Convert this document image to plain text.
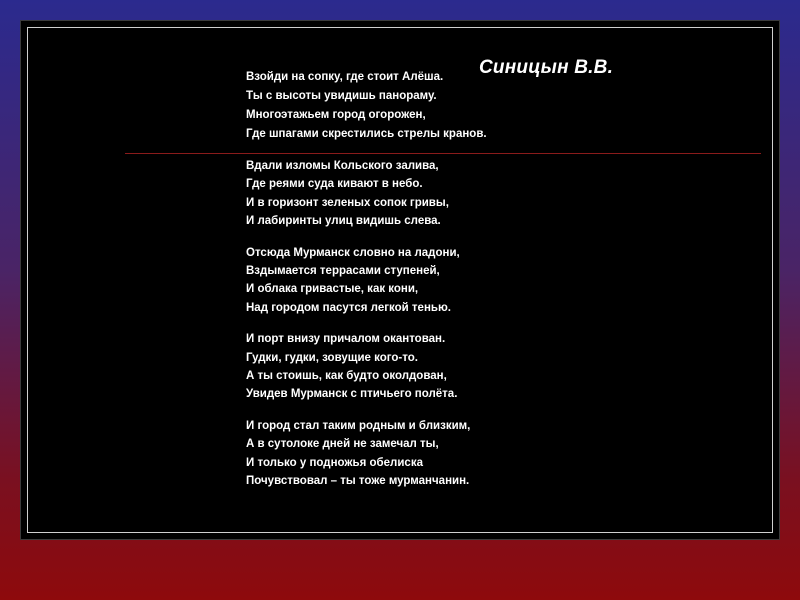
Синицын В.В.
Взойди на сопку, где стоит Алёша.
Ты с высоты увидишь панораму.
Многоэтажьем город огорожен,
Где шпагами скрестились стрелы кранов.
Вдали изломы Кольского залива,
Где реями суда кивают в небо.
И в горизонт зеленых сопок гривы,
И лабиринты улиц видишь слева.
Отсюда Мурманск словно на ладони,
Вздымается террасами ступеней,
И облака гривастые, как кони,
Над городом пасутся легкой тенью.
И порт внизу причалом окантован.
Гудки, гудки, зовущие кого-то.
А ты стоишь, как будто околдован,
Увидев Мурманск с птичьего полёта.
И город стал таким родным и близким,
А в сутолоке дней не замечал ты,
И только у подножья обелиска
Почувствовал – ты тоже мурманчанин.
